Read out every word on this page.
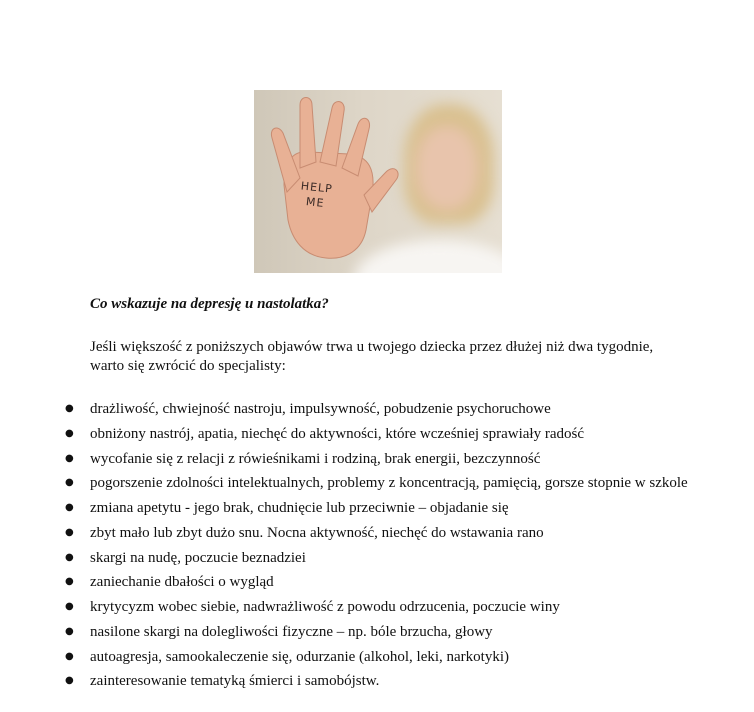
HELP
ME

Co wskazuje na depresję u nastolatka?

Jeśli większość z poniższych objawów trwa u twojego dziecka przez dłużej niż dwa tygodnie, warto się zwrócić do specjalisty:

● drażliwość, chwiejność nastroju, impulsywność, pobudzenie psychoruchowe
● obniżony nastrój, apatia, niechęć do aktywności, które wcześniej sprawiały radość
● wycofanie się z relacji z rówieśnikami i rodziną, brak energii, bezczynność
● pogorszenie zdolności intelektualnych, problemy z koncentracją, pamięcią, gorsze stopnie w szkole
● zmiana apetytu - jego brak, chudnięcie lub przeciwnie – objadanie się
● zbyt mało lub zbyt dużo snu. Nocna aktywność, niechęć do wstawania rano
● skargi na nudę, poczucie beznadziei
● zaniechanie dbałości o wygląd
● krytycyzm wobec siebie, nadwrażliwość z powodu odrzucenia, poczucie winy
● nasilone skargi na dolegliwości fizyczne – np. bóle brzucha, głowy
● autoagresja, samookaleczenie się, odurzanie (alkohol, leki, narkotyki)
● zainteresowanie tematyką śmierci i samobójstw.
